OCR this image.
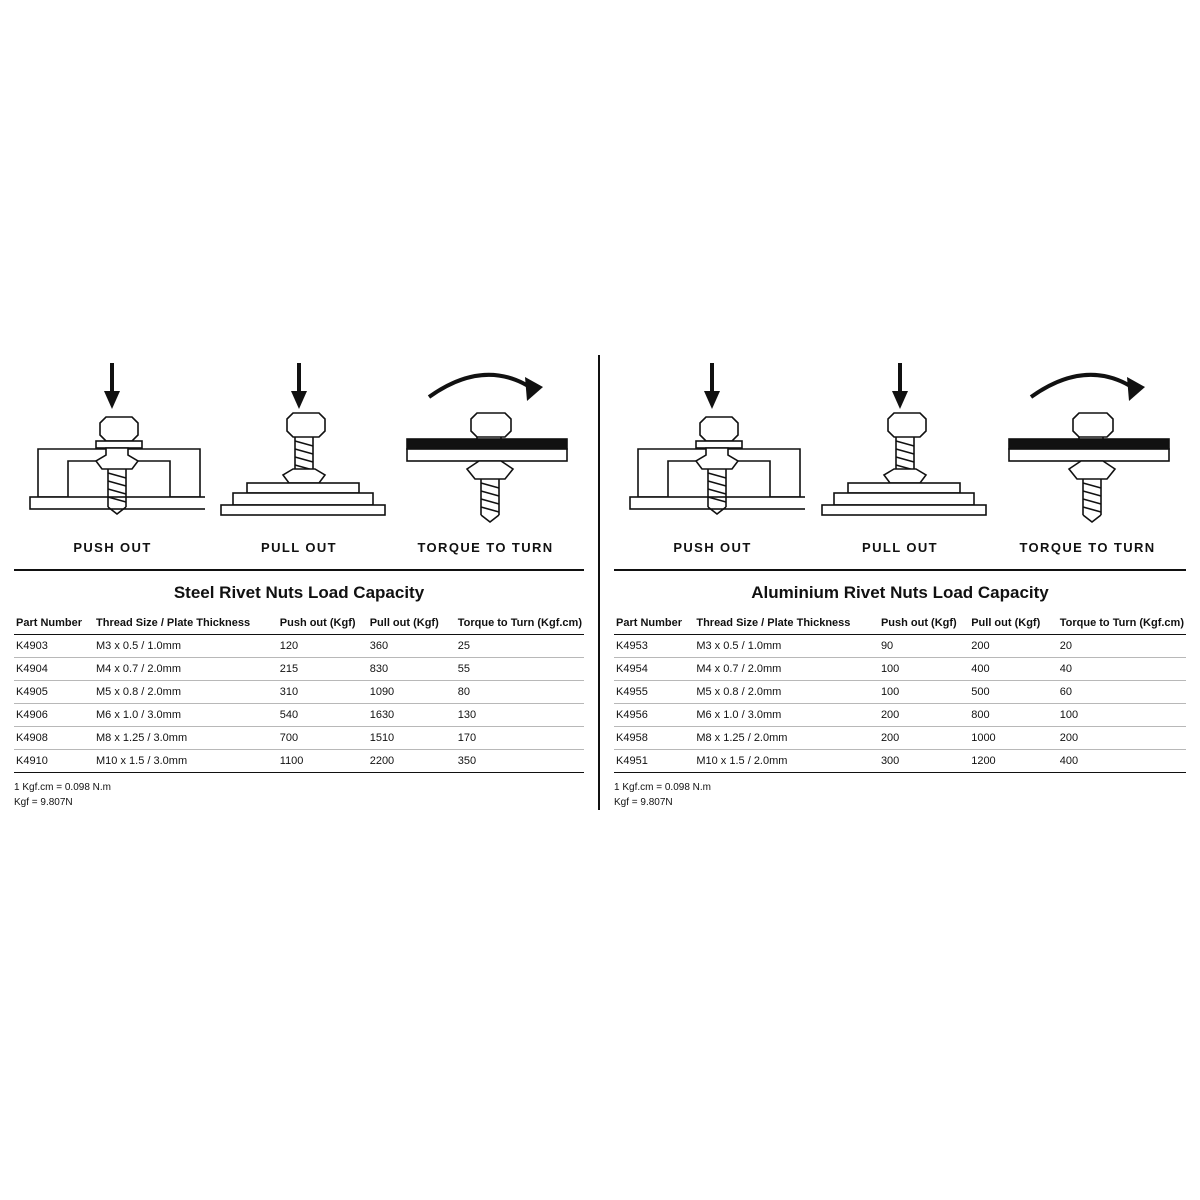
PUSH OUT	PULL OUT	TORQUE TO TURN
Steel Rivet Nuts Load Capacity
Part Number	Thread Size / Plate Thickness	Push out (Kgf)	Pull out (Kgf)	Torque to Turn (Kgf.cm)
K4903	M3 x 0.5 / 1.0mm	120	360	25
K4904	M4 x 0.7 / 2.0mm	215	830	55
K4905	M5 x 0.8 / 2.0mm	310	1090	80
K4906	M6 x 1.0 / 3.0mm	540	1630	130
K4908	M8 x 1.25 / 3.0mm	700	1510	170
K4910	M10 x 1.5 / 3.0mm	1100	2200	350
1 Kgf.cm = 0.098 N.m
Kgf = 9.807N
PUSH OUT	PULL OUT	TORQUE TO TURN
Aluminium Rivet Nuts Load Capacity
Part Number	Thread Size / Plate Thickness	Push out (Kgf)	Pull out (Kgf)	Torque to Turn (Kgf.cm)
K4953	M3 x 0.5 / 1.0mm	90	200	20
K4954	M4 x 0.7 / 2.0mm	100	400	40
K4955	M5 x 0.8 / 2.0mm	100	500	60
K4956	M6 x 1.0 / 3.0mm	200	800	100
K4958	M8 x 1.25 / 2.0mm	200	1000	200
K4951	M10 x 1.5 / 2.0mm	300	1200	400
1 Kgf.cm = 0.098 N.m
Kgf = 9.807N
